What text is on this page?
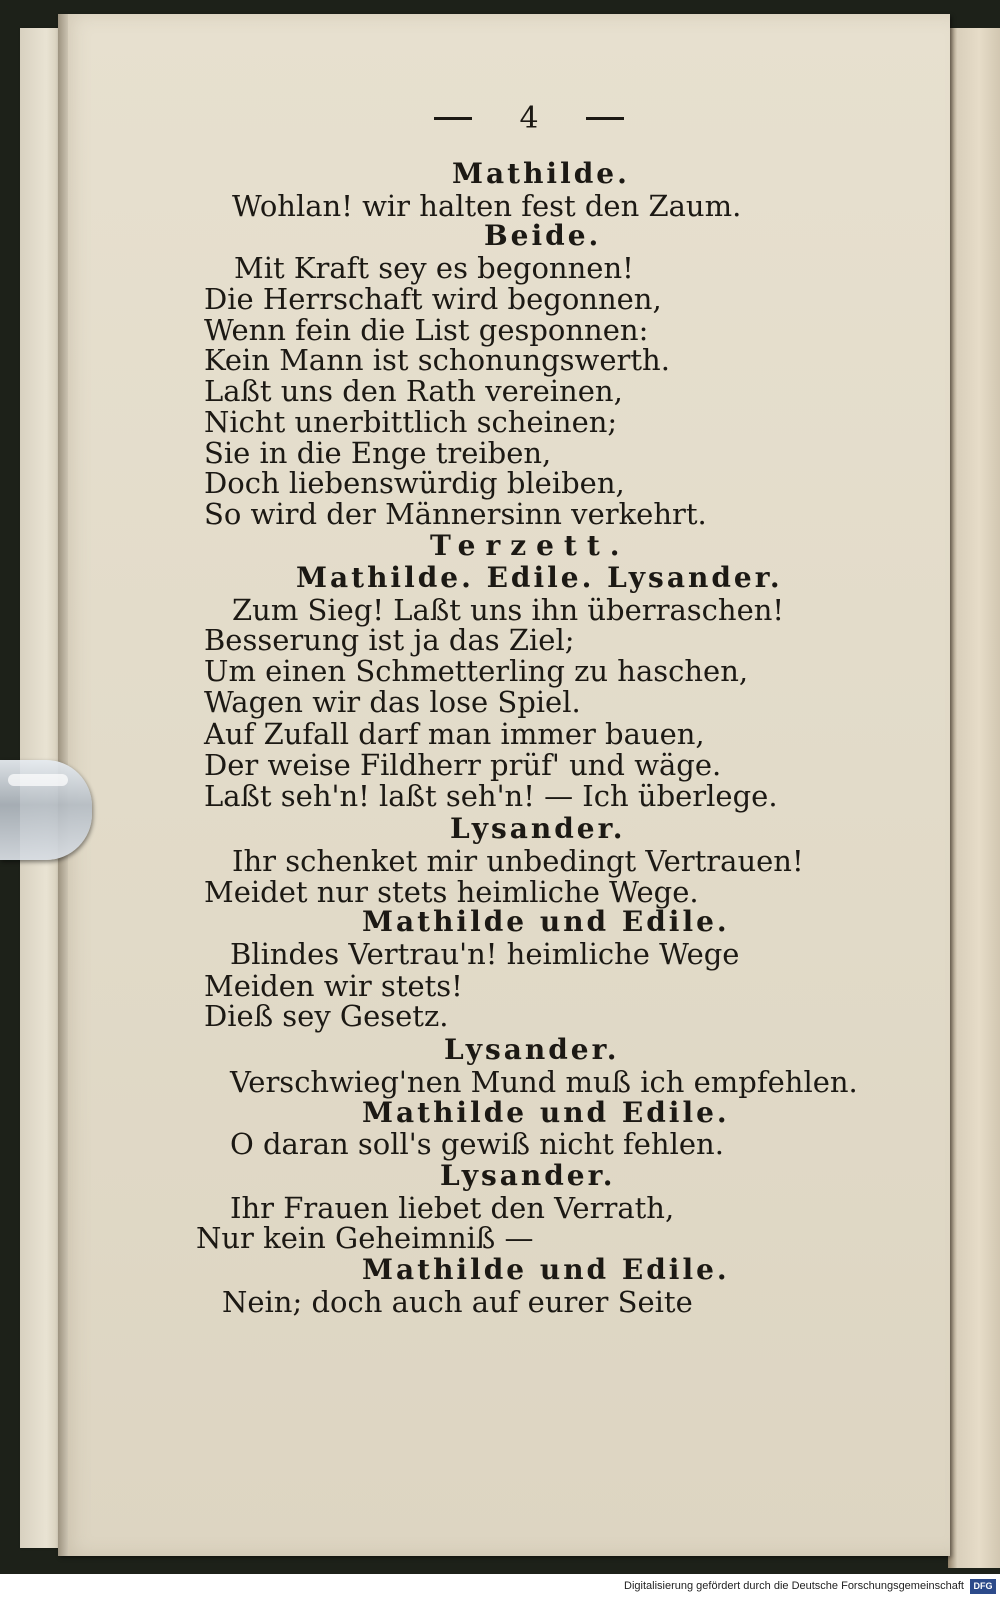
4
Mathilde.
Wohlan! wir halten fest den Zaum.
Beide.
Mit Kraft sey es begonnen!
Die Herrschaft wird begonnen,
Wenn fein die List gesponnen:
Kein Mann ist schonungswerth.
Laßt uns den Rath vereinen,
Nicht unerbittlich scheinen;
Sie in die Enge treiben,
Doch liebenswürdig bleiben,
So wird der Männersinn verkehrt.
Terzett.
Mathilde. Edile. Lysander.
Zum Sieg! Laßt uns ihn überraschen!
Besserung ist ja das Ziel;
Um einen Schmetterling zu haschen,
Wagen wir das lose Spiel.
Auf Zufall darf man immer bauen,
Der weise Fildherr prüf' und wäge.
Laßt seh'n! laßt seh'n! — Ich überlege.
Lysander.
Ihr schenket mir unbedingt Vertrauen!
Meidet nur stets heimliche Wege.
Mathilde und Edile.
Blindes Vertrau'n! heimliche Wege
Meiden wir stets!
Dieß sey Gesetz.
Lysander.
Verschwieg'nen Mund muß ich empfehlen.
Mathilde und Edile.
O daran soll's gewiß nicht fehlen.
Lysander.
Ihr Frauen liebet den Verrath,
Nur kein Geheimniß —
Mathilde und Edile.
Nein; doch auch auf eurer Seite
Digitalisierung gefördert durch die Deutsche Forschungsgemeinschaft	DFG
